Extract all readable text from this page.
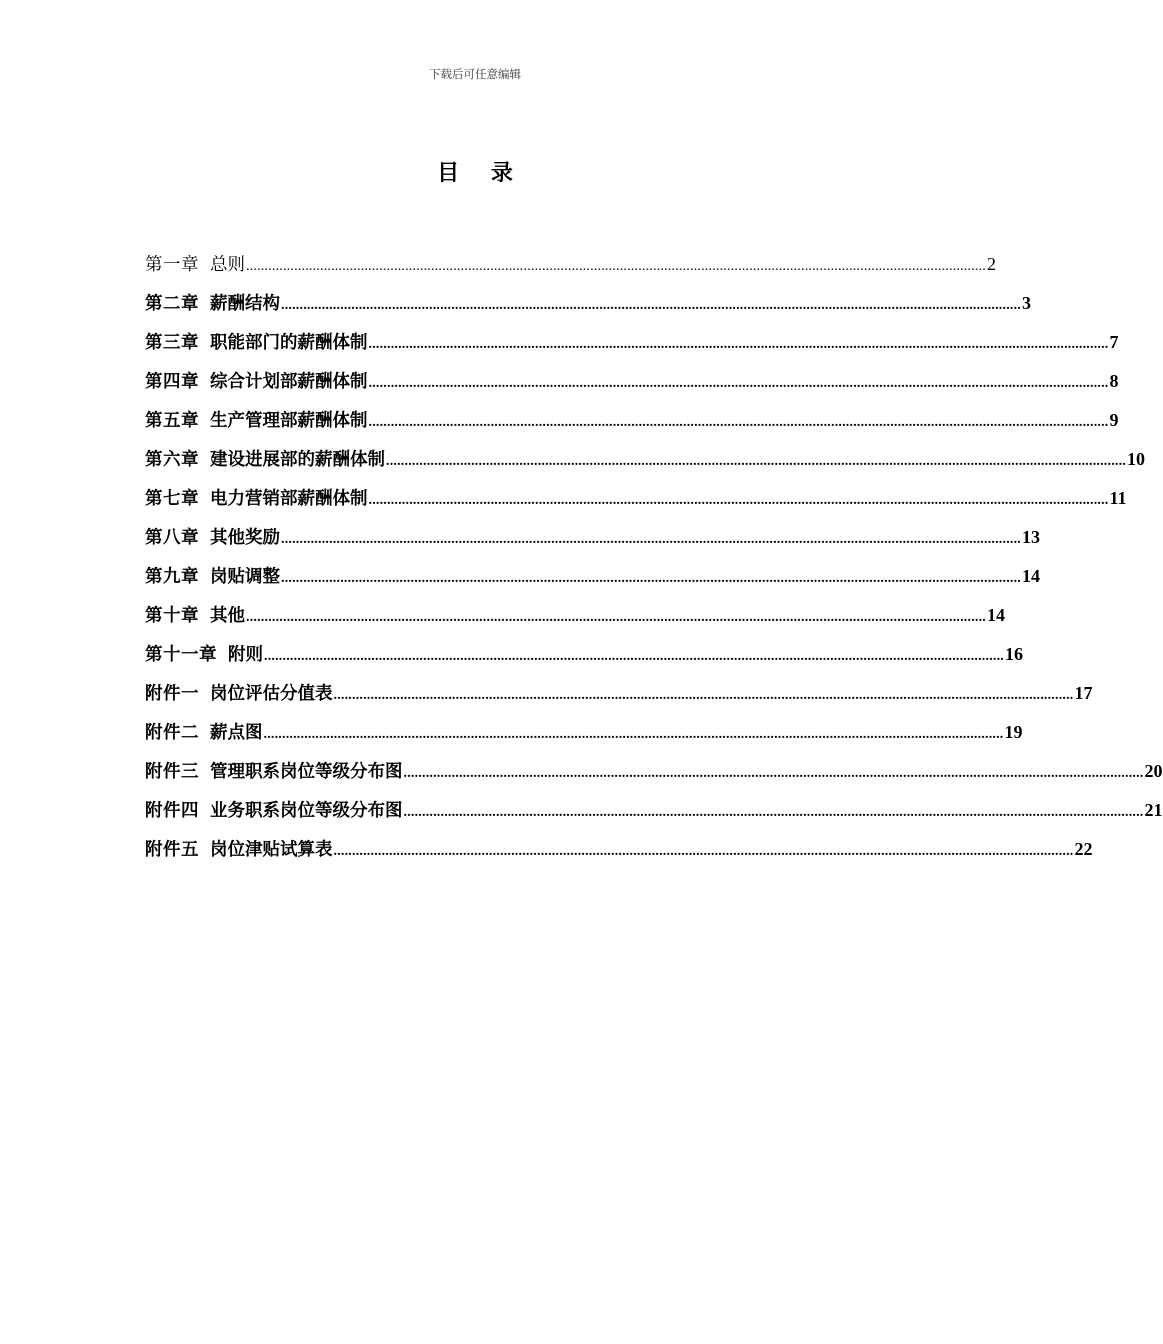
下载后可任意编辑
目 录
第一章 总则 ........................................................................................................................................................................................................ 2
第二章 薪酬结构 ........................................................................................................................................................................................................ 3
第三章 职能部门的薪酬体制 ........................................................................................................................................................................................................ 7
第四章 综合计划部薪酬体制 ........................................................................................................................................................................................................ 8
第五章 生产管理部薪酬体制 ........................................................................................................................................................................................................ 9
第六章 建设进展部的薪酬体制 ........................................................................................................................................................................................................ 10
第七章 电力营销部薪酬体制 ........................................................................................................................................................................................................ 11
第八章 其他奖励 ........................................................................................................................................................................................................ 13
第九章 岗贴调整 ........................................................................................................................................................................................................ 14
第十章 其他 ........................................................................................................................................................................................................ 14
第十一章 附则 ........................................................................................................................................................................................................ 16
附件一 岗位评估分值表 ........................................................................................................................................................................................................ 17
附件二 薪点图 ........................................................................................................................................................................................................ 19
附件三 管理职系岗位等级分布图 ........................................................................................................................................................................................................ 20
附件四 业务职系岗位等级分布图 ........................................................................................................................................................................................................ 21
附件五 岗位津贴试算表 ........................................................................................................................................................................................................ 22
